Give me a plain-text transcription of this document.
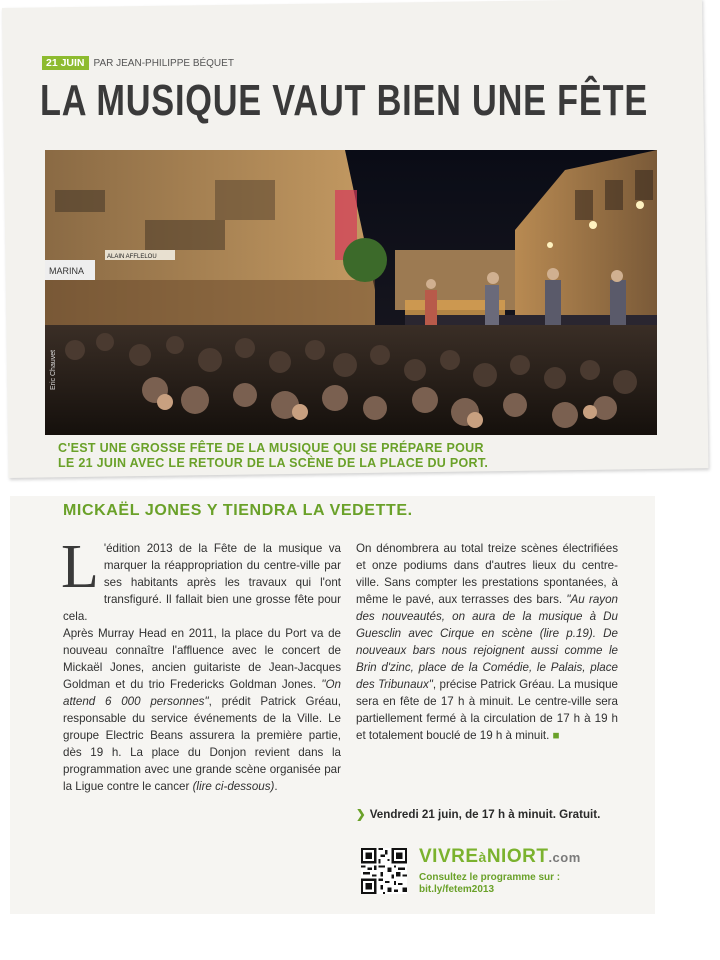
21 JUIN PAR JEAN-PHILIPPE BÉQUET
LA MUSIQUE VAUT BIEN UNE FÊTE
MARINA
ALAIN AFFLELOU
Eric Chauvet

C'EST UNE GROSSE FÊTE DE LA MUSIQUE QUI SE PRÉPARE POUR
LE 21 JUIN AVEC LE RETOUR DE LA SCÈNE DE LA PLACE DU PORT.

MICKAËL JONES Y TIENDRA LA VEDETTE.

L 'édition 2013 de la Fête de la musique va marquer la réappropriation du centre-ville par ses habitants après les travaux qui l'ont transfiguré. Il fallait bien une grosse fête pour cela.

Après Murray Head en 2011, la place du Port va de nouveau connaître l'affluence avec le concert de Mickaël Jones, ancien guitariste de Jean-Jacques Goldman et du trio Fredericks Goldman Jones. "On attend 6 000 personnes", prédit Patrick Gréau, responsable du service événements de la Ville. Le groupe Electric Beans assurera la première partie, dès 19 h. La place du Donjon revient dans la programmation avec une grande scène organisée par la Ligue contre le cancer (lire ci-dessous).

On dénombrera au total treize scènes électrifiées et onze podiums dans d'autres lieux du centre-ville. Sans compter les prestations spontanées, à même le pavé, aux terrasses des bars. "Au rayon des nouveautés, on aura de la musique à Du Guesclin avec Cirque en scène (lire p.19). De nouveaux bars nous rejoignent aussi comme le Brin d'zinc, place de la Comédie, le Palais, place des Tribunaux", précise Patrick Gréau. La musique sera en fête de 17 h à minuit. Le centre-ville sera partiellement fermé à la circulation de 17 h à 19 h et totalement bouclé de 19 h à minuit. ■

❯ Vendredi 21 juin, de 17 h à minuit. Gratuit.
VIVREàNIORT.com
Consultez le programme sur :
bit.ly/fetem2013
